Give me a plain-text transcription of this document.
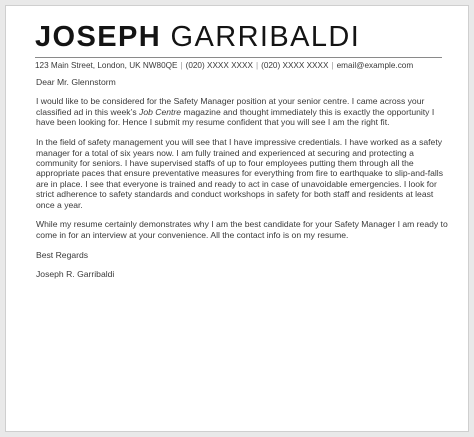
JOSEPH GARRIBALDI
123 Main Street, London, UK NW80QE | (020) XXXX XXXX | (020) XXXX XXXX | email@example.com

Dear Mr. Glennstorm

I would like to be considered for the Safety Manager position at your senior centre. I came across your classified ad in this week’s Job Centre magazine and thought immediately this is exactly the opportunity I have been looking for. Hence I submit my resume confident that you will see I am the right fit.

In the field of safety management you will see that I have impressive credentials. I have worked as a safety manager for a total of six years now. I am fully trained and experienced at securing and protecting a community for seniors. I have supervised staffs of up to four employees putting them through all the appropriate paces that ensure preventative measures for everything from fire to earthquake to slip-and-falls are in place. I see that everyone is trained and ready to act in case of unavoidable emergencies. I look for strict adherence to safety standards and conduct workshops in safety for both staff and residents at least once a year.

While my resume certainly demonstrates why I am the best candidate for your Safety Manager I am ready to come in for an interview at your convenience. All the contact info is on my resume.

Best Regards

Joseph R. Garribaldi
